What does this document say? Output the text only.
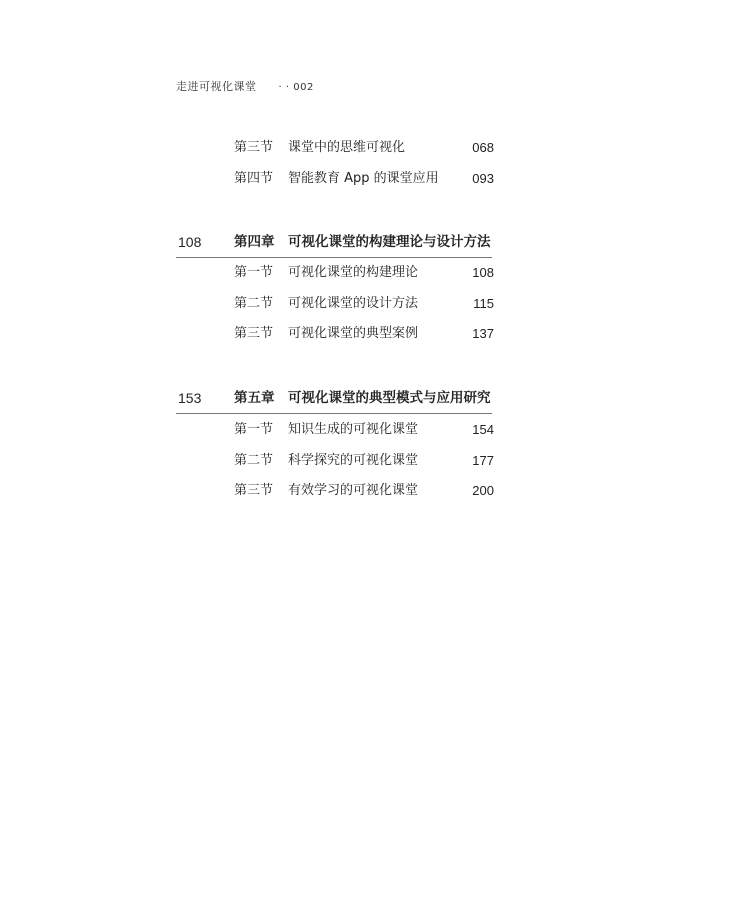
走进可视化课堂 · · 002
第三节 课堂中的思维可视化	068
第四节 智能教育 App 的课堂应用	093
108 第四章 可视化课堂的构建理论与设计方法
第一节 可视化课堂的构建理论	108
第二节 可视化课堂的设计方法	115
第三节 可视化课堂的典型案例	137
153 第五章 可视化课堂的典型模式与应用研究
第一节 知识生成的可视化课堂	154
第二节 科学探究的可视化课堂	177
第三节 有效学习的可视化课堂	200
